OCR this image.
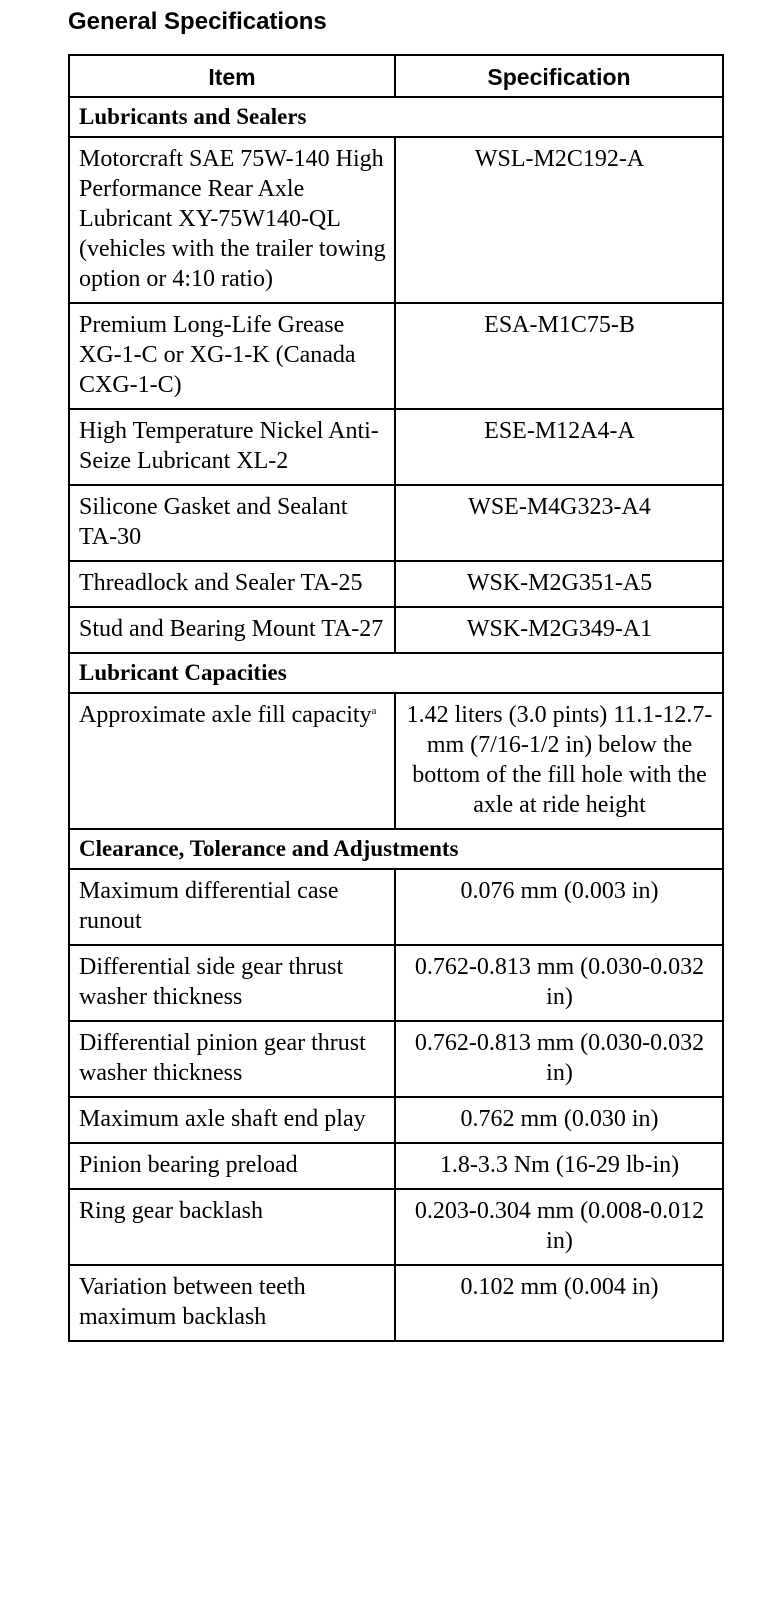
General Specifications
Item	Specification
Lubricants and Sealers	
Motorcraft SAE 75W-140 High Performance Rear Axle Lubricant XY-75W140-QL (vehicles with the trailer towing option or 4:10 ratio)	WSL-M2C192-A
Premium Long-Life Grease XG-1-C or XG-1-K (Canada CXG-1-C)	ESA-M1C75-B
High Temperature Nickel Anti-Seize Lubricant XL-2	ESE-M12A4-A
Silicone Gasket and Sealant TA-30	WSE-M4G323-A4
Threadlock and Sealer TA-25	WSK-M2G351-A5
Stud and Bearing Mount TA-27	WSK-M2G349-A1
Lubricant Capacities	
Approximate axle fill capacity$^a$	1.42 liters (3.0 pints) 11.1-12.7-mm (7/16-1/2 in) below the bottom of the fill hole with the axle at ride height
Clearance, Tolerance and Adjustments	
Maximum differential case runout	0.076 mm (0.003 in)
Differential side gear thrust washer thickness	0.762-0.813 mm (0.030-0.032 in)
Differential pinion gear thrust washer thickness	0.762-0.813 mm (0.030-0.032 in)
Maximum axle shaft end play	0.762 mm (0.030 in)
Pinion bearing preload	1.8-3.3 Nm (16-29 lb-in)
Ring gear backlash	0.203-0.304 mm (0.008-0.012 in)
Variation between teeth maximum backlash	0.102 mm (0.004 in)
